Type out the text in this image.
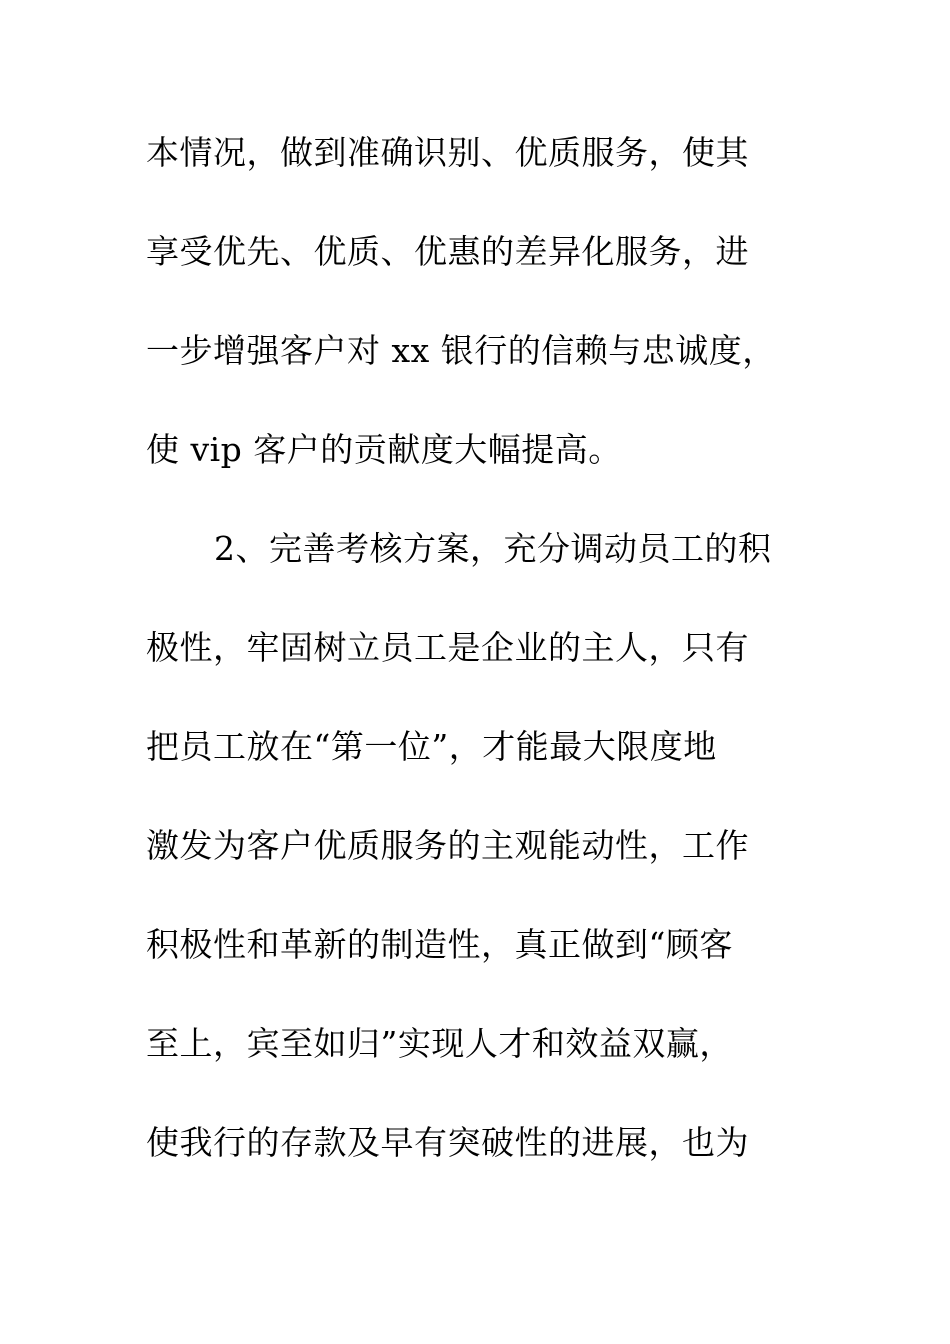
本情况，做到准确识别、优质服务，使其
享受优先、优质、优惠的差异化服务，进
一步增强客户对 xx 银行的信赖与忠诚度，
使 vip 客户的贡献度大幅提高。
2、完善考核方案，充分调动员工的积
极性，牢固树立员工是企业的主人，只有
把员工放在“第一位”，才能最大限度地
激发为客户优质服务的主观能动性，工作
积极性和革新的制造性，真正做到“顾客
至上，宾至如归”实现人才和效益双赢，
使我行的存款及早有突破性的进展，也为
